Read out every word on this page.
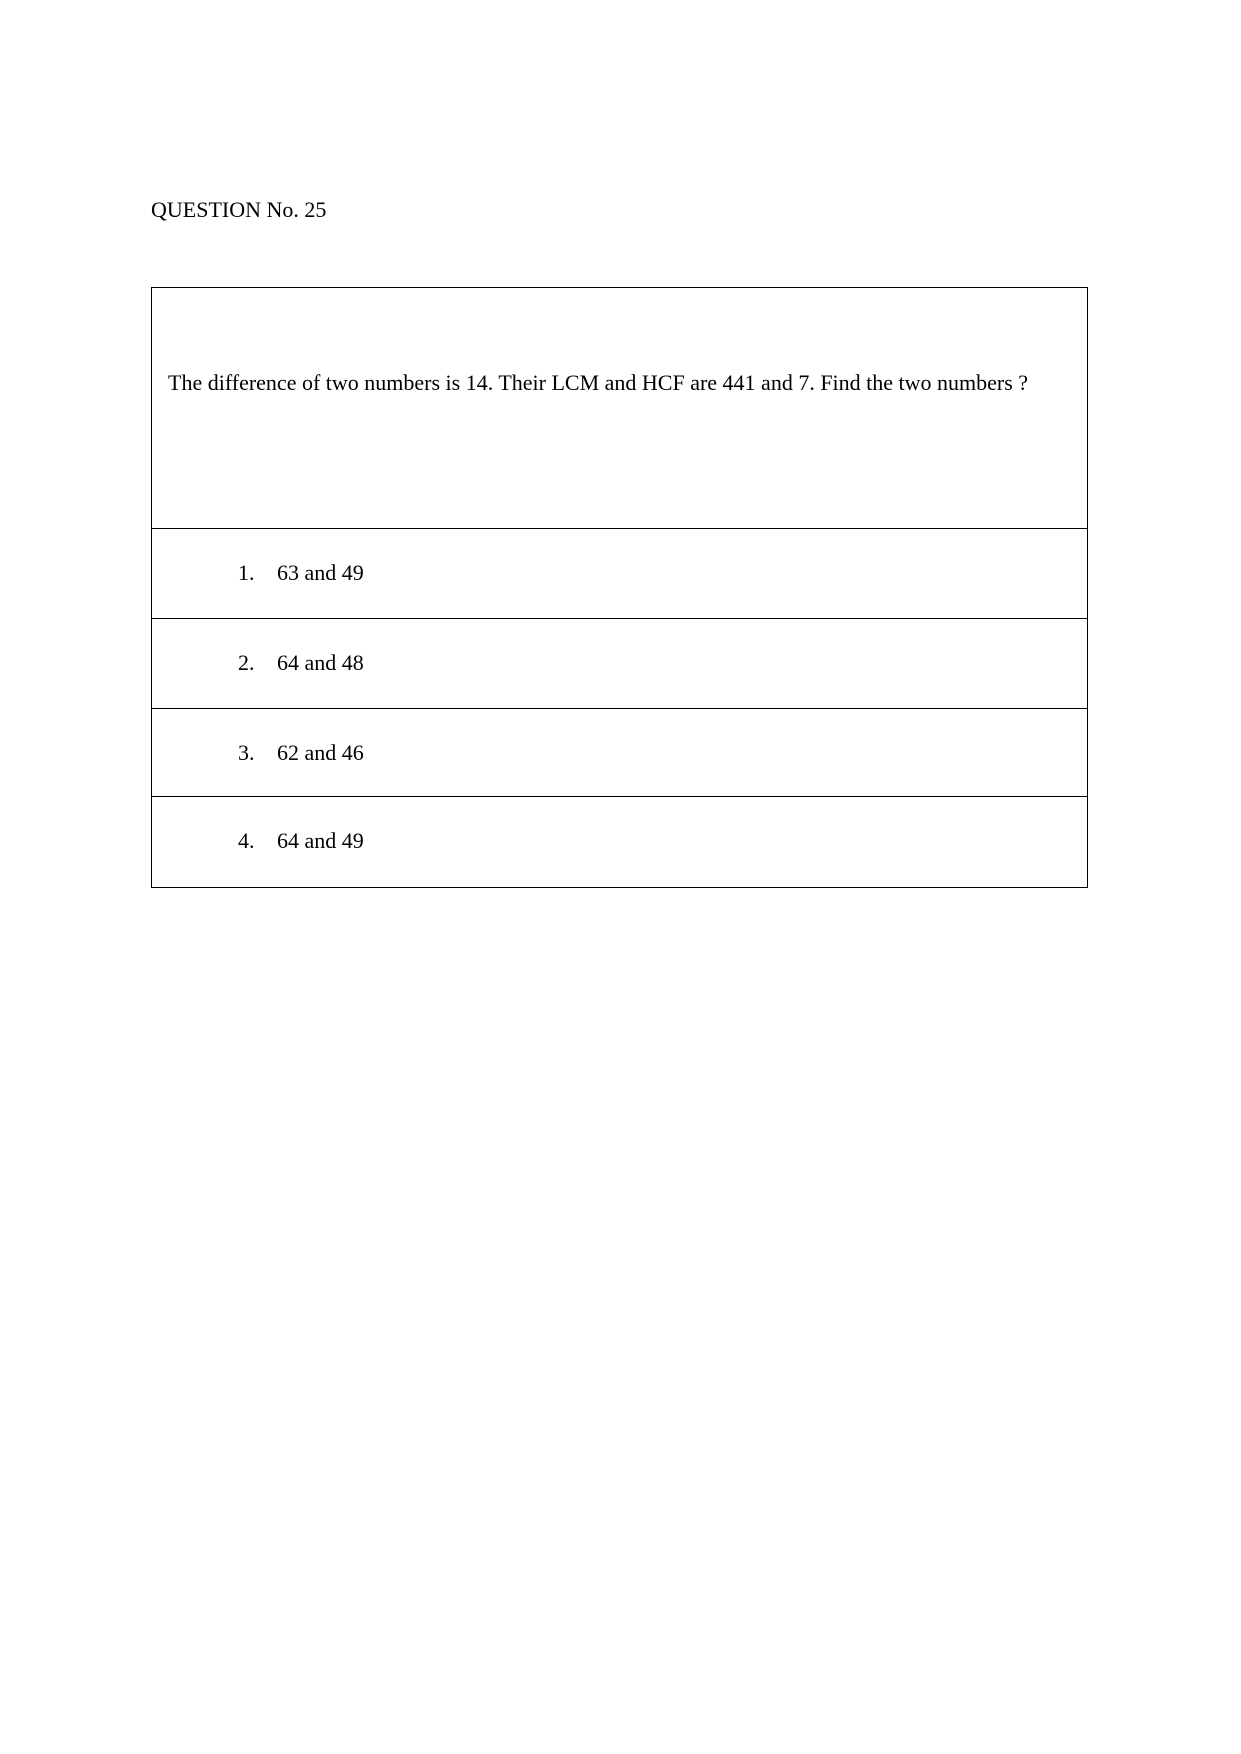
QUESTION No. 25
The difference of two numbers is 14. Their LCM and HCF are 441 and 7. Find the two numbers ?
1. 63 and 49
2. 64 and 48
3. 62 and 46
4. 64 and 49
